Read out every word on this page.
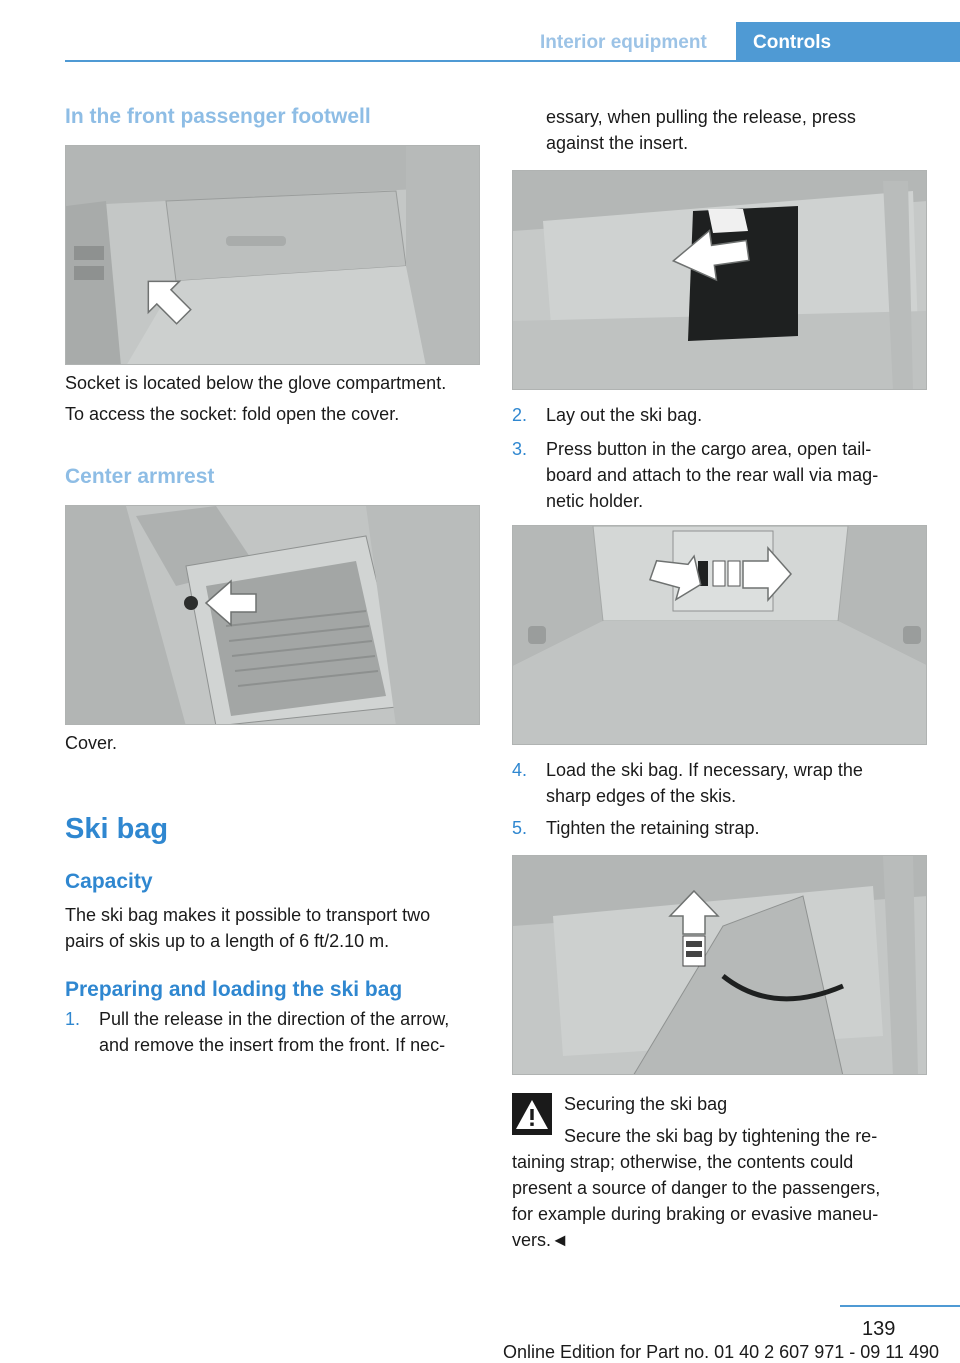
Interior equipment Controls
In the front passenger footwell
Socket is located below the glove compartment.
To access the socket: fold open the cover.
Center armrest
Cover.
Ski bag
Capacity
The ski bag makes it possible to transport two
pairs of skis up to a length of 6 ft/2.10 m.
Preparing and loading the ski bag
1. Pull the release in the direction of the arrow,
and remove the insert from the front. If nec‐
essary, when pulling the release, press
against the insert.
2. Lay out the ski bag.
3. Press button in the cargo area, open tail‐
board and attach to the rear wall via mag‐
netic holder.
4. Load the ski bag. If necessary, wrap the
sharp edges of the skis.
5. Tighten the retaining strap.
Securing the ski bag
Secure the ski bag by tightening the re‐
taining strap; otherwise, the contents could
present a source of danger to the passengers,
for example during braking or evasive maneu‐
vers.◄
139
Online Edition for Part no. 01 40 2 607 971 - 09 11 490
